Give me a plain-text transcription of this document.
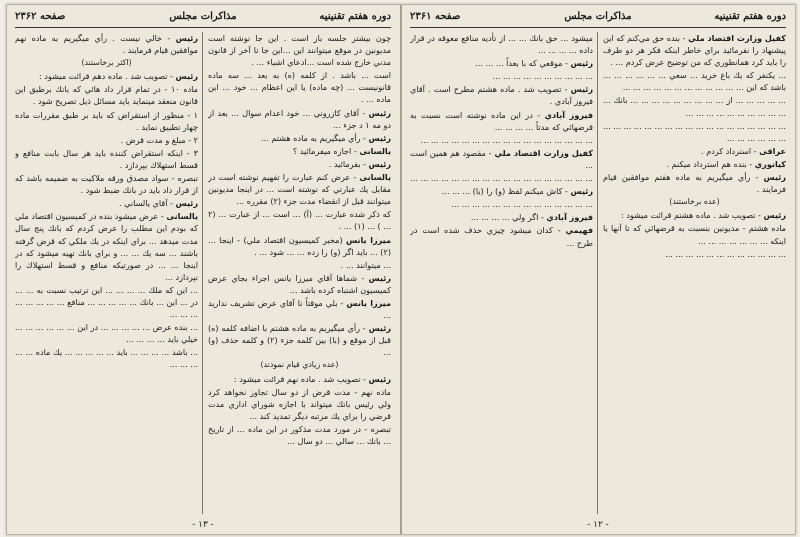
دوره هفتم تقنينيه
مذاكرات مجلس
صفحه ۲۳۶۲

چون بيشتر جلسه باز است . اين جا نوشته است مديونين در موقع ميتوانند اين ...اين جا تا آخر از قانون مدني خارج شده است ...ادعاي اشياء ... .

است ... باشد . از كلمه (ه) به بعد ... سه ماده قانونيست ... (چه ماده) يا اين اعظام ... خود ... اين ماده ... .

رئيس - آقاي كازروني ... خود اعدام سوال ... بعد از دو مه ۱ د جزء ...

رئيس - رأي ميگيريم به ماده هشتم ...

يالسانى - اجازه ميفرمائيد ؟

رئيس - بفرمائيد .

يالسانى - عرض كنم عبارت را تفهيم نوشته است در مقابل يك عبارتي كه نوشته است ... در اينجا مديونين ميتوانند قبل از انقضاء مدت جزء (۲) مقرره ...

كه ذكر شده عبارت ... (آ) ... است ... از عبارت ... (۲ ... ) ... (۱) ... .

ميرزا يانس (مخبر كميسيون اقتصاد ملي) - اينجا ... (۲) ... بايد اگر (و) را زده ... ... شود ... .

... ميتوانند ... .

رئيس - شماها آقاي ميرزا يانس اجراء بجاي عرض كميسيون اشتباه كرده باشد ...

ميرزا يانس - بلي موقتاً تا آقاي عرض تشريف نداريد ...

رئيس - رأي ميگيريم به ماده هشتم با اضافه كلمه (ه) قبل از موقع و (با) بين كلمه جزء (۲) و كلمه حذف (و) ...

(عده زيادي قيام نمودند)

رئيس - تصويب شد . ماده نهم قرائت ميشود :

ماده نهم - مدت قرض از دو سال تجاوز نخواهد كرد ولي رئيس بانك ميتواند با اجازه شوراي اداري مدت قرضي را براي يك مرتبه ديگر تمديد كند ...

تبصره - در مورد مدت مذكور در اين ماده ... از تاريخ ... بانك ... سالي ... دو سال ...

رئيس - خالي نيست . رأي ميگيريم به ماده نهم موافقين قيام فرمايند .

(اكثر برخاستند)

رئيس - تصويب شد . ماده دهم قرائت ميشود :

ماده ۱۰ - در تمام قرار داد هائي كه بانك برطبق اين قانون منعقد مينمايد بايد مسائل ذيل تصريح شود .

۱ - منظور از استقراض كه بايد بر طبق مقررات ماده چهار تطبيق نمايد .

۲ - مبلغ و مدت قرض .

۳ - اينكه استقراض كننده بايد هر سال بابت منافع و قسط استهلاك بپردازد .

تبصره - سواد مصدق ورقه ملاكيت به ضميمه باشد كه از قرار داد بايد در بانك ضبط شود .

رئيس - آقاي يالساني .

يالسانى - عرض ميشود بنده در كميسيون اقتصاد ملي كه بودم اين مطلب را عرض كردم كه بانك پنج سال مدت ميدهد ... براي اينكه در يك ملكي كه قرض گرفته باشند ... سه يك ... ... و براي بانك تهيه ميشود كه در اينجا ... ... در صورتيكه منافع و قسط استهلاك را نپردازد ...

... اين كه ملك ... ... ... ... اين ترتيب نسبت به ... ... در ... اين ... بانك ... ... ... ... ... منافع ... ... ... ... ... ... ... ...

... بنده عرض ... ... ... ... ... در اين ... ... ... ... ... ... خيلي بايد ... ... ... ...

... باشد ... ... ... ... بايد ... ... ... ... ... يك ماده ... ... ... ... ...

- ۱۳ -
دوره هفتم تقنينيه
مذاكرات مجلس
صفحه ۲۳۶۱

كفيل وزارت اقتصاد ملي - بنده حق مي‌كنم كه اين پيشنهاد را نفرمائيد براي خاطر اينكه فكر هر دو طرف را بايد كرد همانطوري كه من توضيح عرض كردم ... .

... يكنفر كه يك باغ خريد ... سعي ... ... ... ... ... ... باشد كه اين ... ... ... ... ... ... ... ... ... ... ... ...

... ... ... ... ... از ... ... ... ... ... ... ... ... ... بانك ... ... ... ... ... ... ... ... ... ... ...

... ... ... ... ... ... ... ... ... ... ... ... ... ... ... ... ... ... ... ... ... ... ... ...

عراقى - استرداد كردم .

كيانوري - بنده هم استرداد ميكنم .

رئيس - رأي ميگيريم به ماده هفتم موافقين قيام فرمايند .

(عده برخاستند)

رئيس - تصويب شد . ماده هشتم قرائت ميشود :

ماده هشتم - مديونين بنسبت به قرضهائي كه تا آنها يا اينكه ... ... ... ... ... ... ...

... ... ... ... ... ... ... ... ... ... ... ...

ميشود ... حق بانك ... ... از تأديه منافع معوقه در قرار داده ... ... ... ...

رئيس - موقعي كه با بعداً ... ... ...

... ... ... ... ... ... ... ... ... ...

رئيس - تصويب شد . ماده هشتم مطرح است . آقاي فيروز آبادي .

فيروز آبادي - در اين ماده نوشته است نسبت به قرضهائي كه مدتاً ... ... ... ...

... ... ... ... ... ... ... ... ... ... ... ... ... ... ... ... ...

كفيل وزارت اقتصاد ملي - مقصود هم همين است ...

... ... ... ... ... ... ... ... ... ... ... ... ... ... ... ... ... ...

رئيس - كاش ميكنم لفظ (و) را (با) ... ... ...

... ... ... ... ... ... ... ... ... ... ... ... ... ...

فيروز آبادي - اگر ولي ... ... ... ...

فهيمي - كدان ميشود چيزي حذف شده است در طرح ...

- ۱۲ -
